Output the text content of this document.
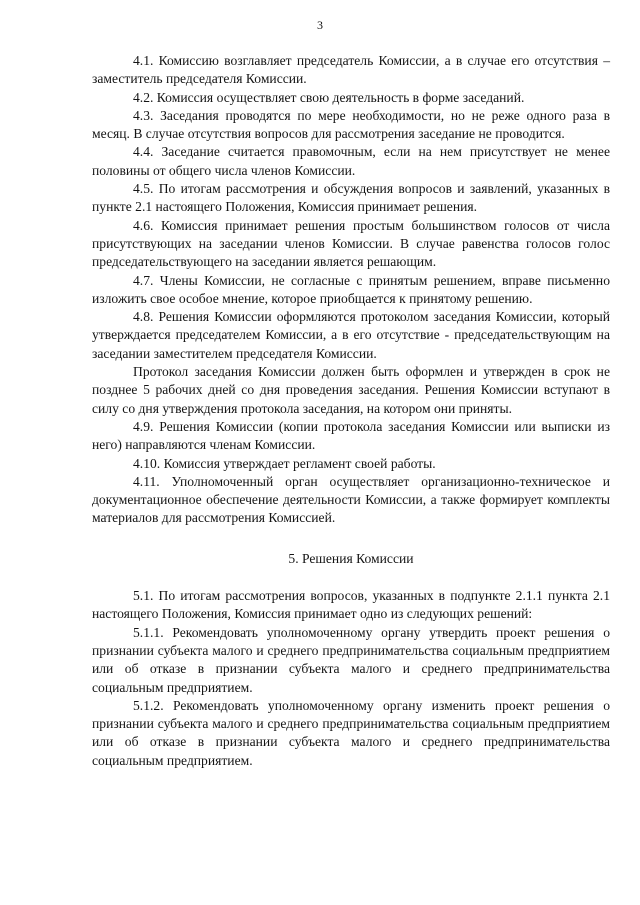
3

4.1. Комиссию возглавляет председатель Комиссии, а в случае его отсутствия – заместитель председателя Комиссии.

4.2. Комиссия осуществляет свою деятельность в форме заседаний.

4.3. Заседания проводятся по мере необходимости, но не реже одного раза в месяц. В случае отсутствия вопросов для рассмотрения заседание не проводится.

4.4. Заседание считается правомочным, если на нем присутствует не менее половины от общего числа членов Комиссии.

4.5. По итогам рассмотрения и обсуждения вопросов и заявлений, указанных в пункте 2.1 настоящего Положения, Комиссия принимает решения.

4.6. Комиссия принимает решения простым большинством голосов от числа присутствующих на заседании членов Комиссии. В случае равенства голосов голос председательствующего на заседании является решающим.

4.7. Члены Комиссии, не согласные с принятым решением, вправе письменно изложить свое особое мнение, которое приобщается к принятому решению.

4.8. Решения Комиссии оформляются протоколом заседания Комиссии, который утверждается председателем Комиссии, а в его отсутствие - председательствующим на заседании заместителем председателя Комиссии.

Протокол заседания Комиссии должен быть оформлен и утвержден в срок не позднее 5 рабочих дней со дня проведения заседания. Решения Комиссии вступают в силу со дня утверждения протокола заседания, на котором они приняты.

4.9. Решения Комиссии (копии протокола заседания Комиссии или выписки из него) направляются членам Комиссии.

4.10. Комиссия утверждает регламент своей работы.

4.11. Уполномоченный орган осуществляет организационно-техническое и документационное обеспечение деятельности Комиссии, а также формирует комплекты материалов для рассмотрения Комиссией.

5. Решения Комиссии

5.1. По итогам рассмотрения вопросов, указанных в подпункте 2.1.1 пункта 2.1 настоящего Положения, Комиссия принимает одно из следующих решений:

5.1.1. Рекомендовать уполномоченному органу утвердить проект решения о признании субъекта малого и среднего предпринимательства социальным предприятием или об отказе в признании субъекта малого и среднего предпринимательства социальным предприятием.

5.1.2. Рекомендовать уполномоченному органу изменить проект решения о признании субъекта малого и среднего предпринимательства социальным предприятием или об отказе в признании субъекта малого и среднего предпринимательства социальным предприятием.
